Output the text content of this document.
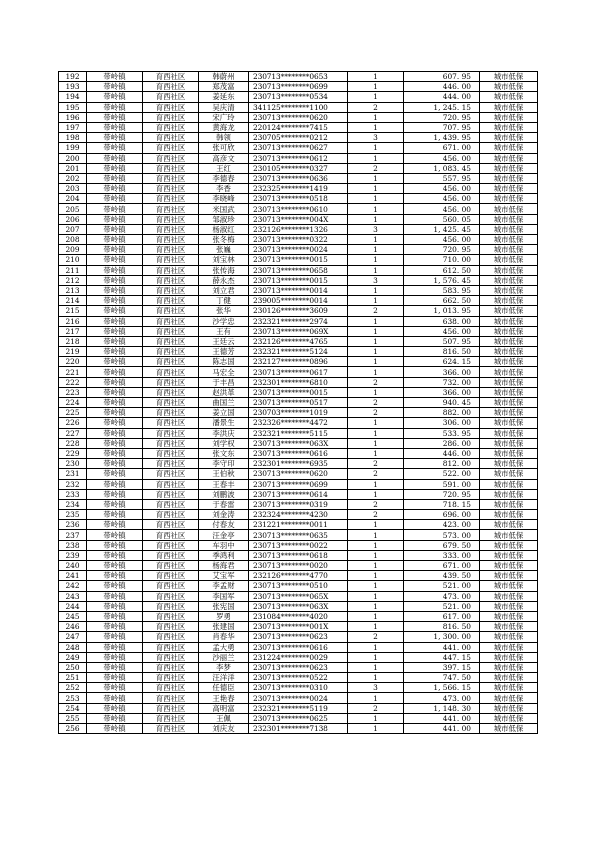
192	带岭镇	育西社区	韩蔚州	230713********0653	1	607. 95	城市低保
193	带岭镇	育西社区	郑茂富	230713********0699	1	446. 00	城市低保
194	带岭镇	育西社区	姜延东	230713********0534	1	444. 00	城市低保
195	带岭镇	育西社区	吴庆清	341125********1100	2	1, 245. 15	城市低保
196	带岭镇	育西社区	宋广玲	230713********0620	1	720. 95	城市低保
197	带岭镇	育西社区	黄海龙	220124********7415	1	707. 95	城市低保
198	带岭镇	育西社区	韩领	230705********0212	3	1, 439. 95	城市低保
199	带岭镇	育西社区	张可欣	230713********0627	1	671. 00	城市低保
200	带岭镇	育西社区	高彦文	230713********0612	1	456. 00	城市低保
201	带岭镇	育西社区	王红	230105********0327	2	1, 083. 45	城市低保
202	带岭镇	育西社区	李德春	230713********0636	1	557. 95	城市低保
203	带岭镇	育西社区	李香	232325********1419	1	456. 00	城市低保
204	带岭镇	育西社区	李晓峰	230713********0518	1	456. 00	城市低保
205	带岭镇	育西社区	米国武	230713********0610	1	456. 00	城市低保
206	带岭镇	育西社区	邹淑珍	230713********004X	1	560. 05	城市低保
207	带岭镇	育西社区	杨淑红	232126********1326	3	1, 425. 45	城市低保
208	带岭镇	育西社区	张冬梅	230713********0322	1	456. 00	城市低保
209	带岭镇	育西社区	张巍	230713********0024	1	720. 95	城市低保
210	带岭镇	育西社区	刘宝林	230713********0015	1	710. 00	城市低保
211	带岭镇	育西社区	张传海	230713********0658	1	612. 50	城市低保
212	带岭镇	育西社区	薛永杰	230713********0015	3	1, 576. 45	城市低保
213	带岭镇	育西社区	刘立君	230713********0014	1	583. 95	城市低保
214	带岭镇	育西社区	丁健	239005********0014	1	662. 50	城市低保
215	带岭镇	育西社区	张华	230126********3609	2	1, 013. 95	城市低保
216	带岭镇	育西社区	沙学忠	232321********2974	1	638. 00	城市低保
217	带岭镇	育西社区	王有	230713********069X	1	456. 00	城市低保
218	带岭镇	育西社区	王廷云	232126********4765	1	507. 95	城市低保
219	带岭镇	育西社区	王德芳	232321********5124	1	816. 50	城市低保
220	带岭镇	育西社区	陈志国	232127********0896	1	624. 15	城市低保
221	带岭镇	育西社区	马宏全	230713********0617	1	366. 00	城市低保
222	带岭镇	育西社区	于丰昌	232301********6810	2	732. 00	城市低保
223	带岭镇	育西社区	赵洪革	230713********0015	1	366. 00	城市低保
224	带岭镇	育西社区	曲国兰	230713********0517	2	940. 45	城市低保
225	带岭镇	育西社区	姜立国	230703********1019	2	882. 00	城市低保
226	带岭镇	育西社区	潘景生	232326********4472	1	306. 00	城市低保
227	带岭镇	育西社区	李洪庆	232321********5115	1	533. 95	城市低保
228	带岭镇	育西社区	刘学权	230713********063X	1	286. 00	城市低保
229	带岭镇	育西社区	张文东	230713********0616	1	446. 00	城市低保
230	带岭镇	育西社区	李守印	232301********6935	2	812. 00	城市低保
231	带岭镇	育西社区	王伯秋	230713********0620	2	522. 00	城市低保
232	带岭镇	育西社区	王春丰	230713********0699	1	591. 00	城市低保
233	带岭镇	育西社区	刘鹏波	230713********0614	1	720. 95	城市低保
234	带岭镇	育西社区	于春雷	230713********0319	2	718. 15	城市低保
235	带岭镇	育西社区	刘金涛	232324********4230	2	696. 00	城市低保
236	带岭镇	育西社区	付春友	231221********0011	1	423. 00	城市低保
237	带岭镇	育西社区	汪金亭	230713********0635	1	573. 00	城市低保
238	带岭镇	育西社区	车羽中	230713********0022	1	679. 50	城市低保
239	带岭镇	育西社区	季鸿利	230713********0618	1	333. 00	城市低保
240	带岭镇	育西社区	杨海君	230713********0020	1	671. 00	城市低保
241	带岭镇	育西社区	艾宝军	232126********4770	1	439. 50	城市低保
242	带岭镇	育西社区	李孟财	230713********0510	1	521. 00	城市低保
243	带岭镇	育西社区	李国军	230713********065X	1	473. 00	城市低保
244	带岭镇	育西社区	张宪国	230713********063X	1	521. 00	城市低保
245	带岭镇	育西社区	罗勇	231084********4020	1	617. 00	城市低保
246	带岭镇	育西社区	张建国	230713********001X	1	816. 50	城市低保
247	带岭镇	育西社区	肖春华	230713********0623	2	1, 300. 00	城市低保
248	带岭镇	育西社区	孟大勇	230713********0616	1	441. 00	城市低保
249	带岭镇	育西社区	沙丽兰	231224********0029	1	447. 15	城市低保
250	带岭镇	育西社区	李梦	230713********0623	1	397. 15	城市低保
251	带岭镇	育西社区	汪洋洋	230713********0522	1	747. 50	城市低保
252	带岭镇	育西社区	任德臣	230713********0310	3	1, 566. 15	城市低保
253	带岭镇	育西社区	王艳春	230713********0024	1	473. 00	城市低保
254	带岭镇	育西社区	高明富	232321********5119	2	1, 148. 30	城市低保
255	带岭镇	育西社区	王佩	230713********0625	1	441. 00	城市低保
256	带岭镇	育西社区	刘庆友	232301********7138	1	441. 00	城市低保
